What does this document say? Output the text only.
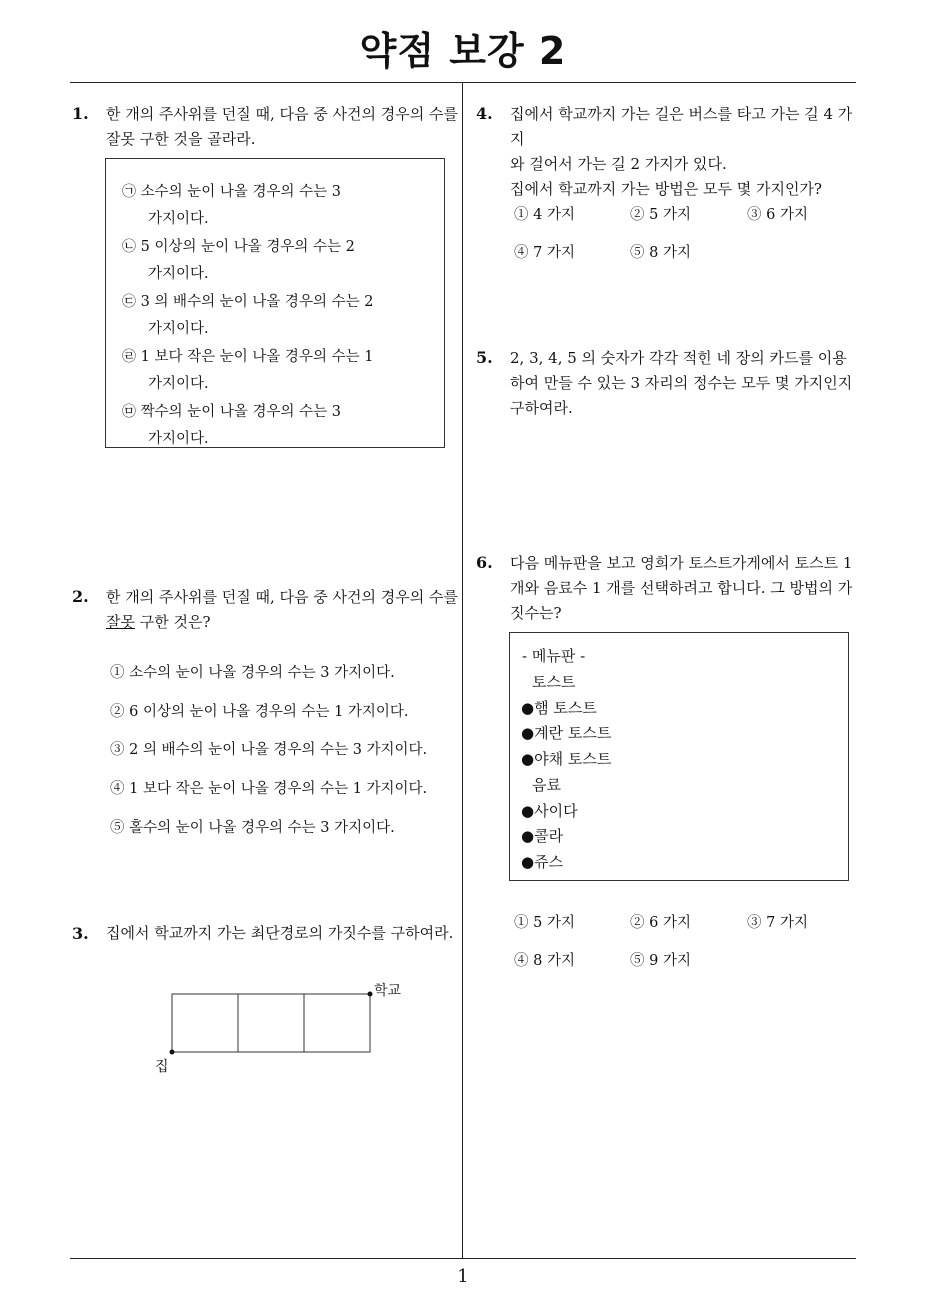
약점 보강 2
1
1. 한 개의 주사위를 던질 때, 다음 중 사건의 경우의 수를
잘못 구한 것을 골라라.
㉠ 소수의 눈이 나올 경우의 수는 3
가지이다.
㉡ 5 이상의 눈이 나올 경우의 수는 2
가지이다.
㉢ 3 의 배수의 눈이 나올 경우의 수는 2
가지이다.
㉣ 1 보다 작은 눈이 나올 경우의 수는 1
가지이다.
㉤ 짝수의 눈이 나올 경우의 수는 3
가지이다.
2. 한 개의 주사위를 던질 때, 다음 중 사건의 경우의 수를
잘못 구한 것은?
① 소수의 눈이 나올 경우의 수는 3 가지이다.
② 6 이상의 눈이 나올 경우의 수는 1 가지이다.
③ 2 의 배수의 눈이 나올 경우의 수는 3 가지이다.
④ 1 보다 작은 눈이 나올 경우의 수는 1 가지이다.
⑤ 홀수의 눈이 나올 경우의 수는 3 가지이다.
3. 집에서 학교까지 가는 최단경로의 가짓수를 구하여라.
학교
집
4. 집에서 학교까지 가는 길은 버스를 타고 가는 길 4 가지
와 걸어서 가는 길 2 가지가 있다.
집에서 학교까지 가는 방법은 모두 몇 가지인가?
① 4 가지	② 5 가지	③ 6 가지
④ 7 가지	⑤ 8 가지
5. 2, 3, 4, 5 의 숫자가 각각 적힌 네 장의 카드를 이용
하여 만들 수 있는 3 자리의 정수는 모두 몇 가지인지
구하여라.
6. 다음 메뉴판을 보고 영희가 토스트가게에서 토스트 1
개와 음료수 1 개를 선택하려고 합니다. 그 방법의 가
짓수는?
- 메뉴판 -
토스트
●햄 토스트
●계란 토스트
●야채 토스트
음료
●사이다
●콜라
●쥬스
① 5 가지	② 6 가지	③ 7 가지
④ 8 가지	⑤ 9 가지
